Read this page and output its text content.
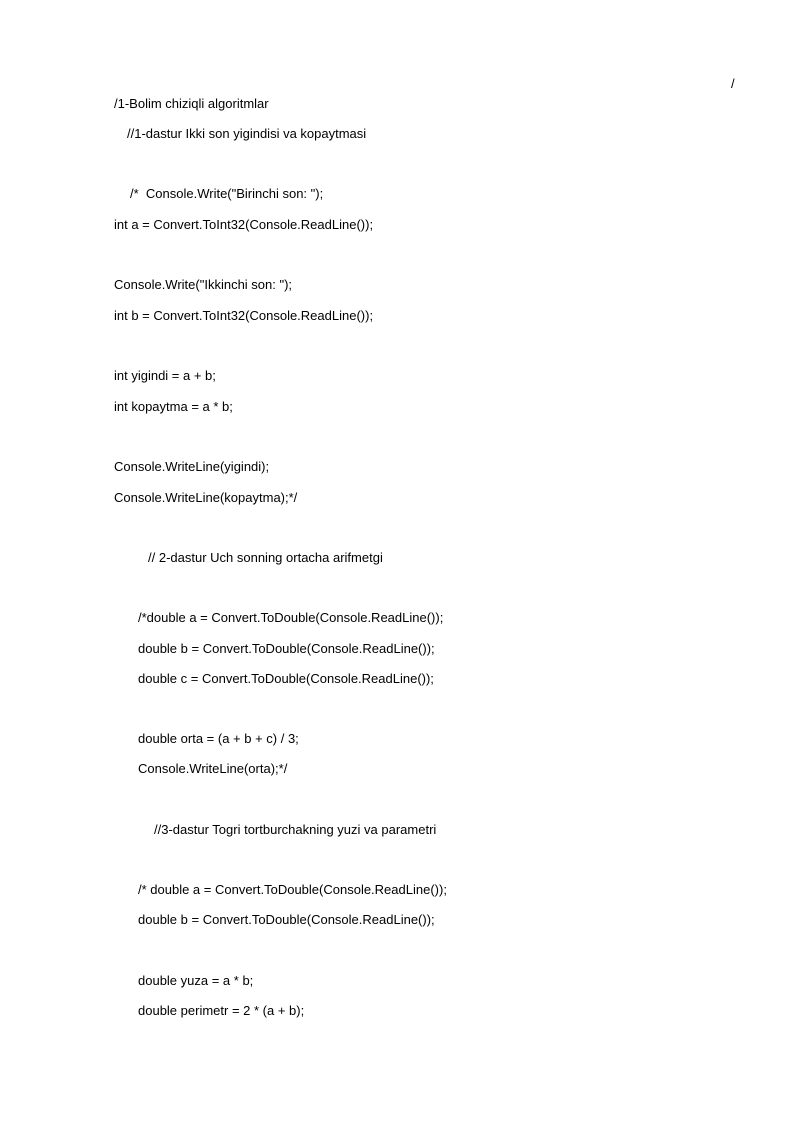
/
/1-Bolim chiziqli algoritmlar
//1-dastur Ikki son yigindisi va kopaytmasi
/*  Console.Write("Birinchi son: ");
int a = Convert.ToInt32(Console.ReadLine());
Console.Write("Ikkinchi son: ");
int b = Convert.ToInt32(Console.ReadLine());
int yigindi = a + b;
int kopaytma = a * b;
Console.WriteLine(yigindi);
Console.WriteLine(kopaytma);*/
// 2-dastur Uch sonning ortacha arifmetgi
/*double a = Convert.ToDouble(Console.ReadLine());
double b = Convert.ToDouble(Console.ReadLine());
double c = Convert.ToDouble(Console.ReadLine());
double orta = (a + b + c) / 3;
Console.WriteLine(orta);*/
//3-dastur Togri tortburchakning yuzi va parametri
/* double a = Convert.ToDouble(Console.ReadLine());
double b = Convert.ToDouble(Console.ReadLine());
double yuza = a * b;
double perimetr = 2 * (a + b);
